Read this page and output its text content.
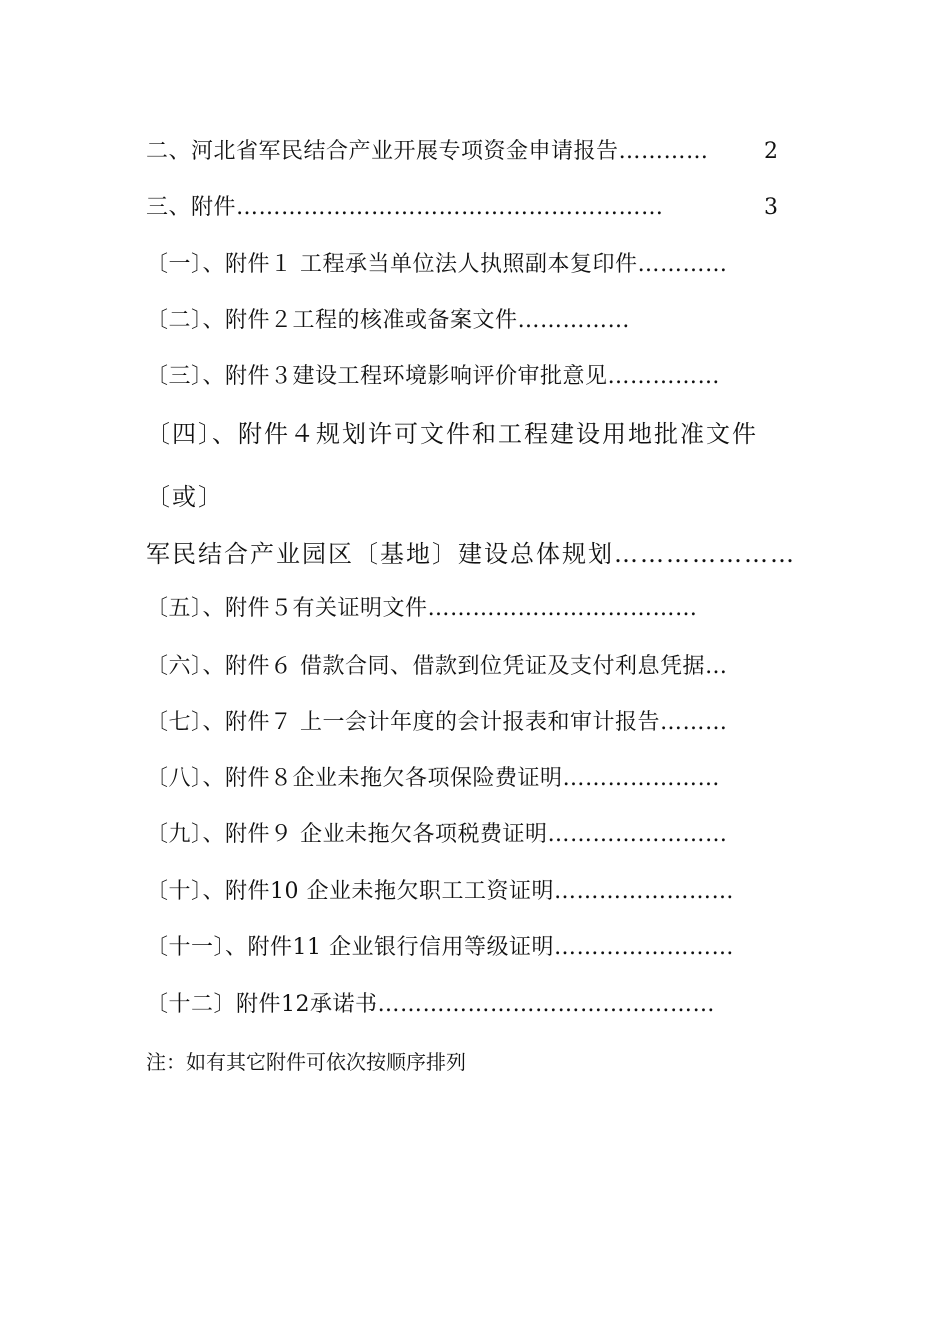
二、河北省军民结合产业开展专项资金申请报告…………	2
三、附件…………………………………………………	3
〔一〕、附件１ 工程承当单位法人执照副本复印件…………
〔二〕、附件２工程的核准或备案文件……………
〔三〕、附件３建设工程环境影响评价审批意见……………
〔四〕、附件４规划许可文件和工程建设用地批准文件
〔或〕
军民结合产业园区〔基地〕建设总体规划…………………
〔五〕、附件５有关证明文件………………………………
〔六〕、附件６ 借款合同、借款到位凭证及支付利息凭据…
〔七〕、附件７ 上一会计年度的会计报表和审计报告………
〔八〕、附件８企业未拖欠各项保险费证明…………………
〔九〕、附件９ 企业未拖欠各项税费证明……………………
〔十〕、附件10 企业未拖欠职工工资证明……………………
〔十一〕、附件11 企业银行信用等级证明……………………
〔十二〕附件12承诺书………………………………………
注：如有其它附件可依次按顺序排列
